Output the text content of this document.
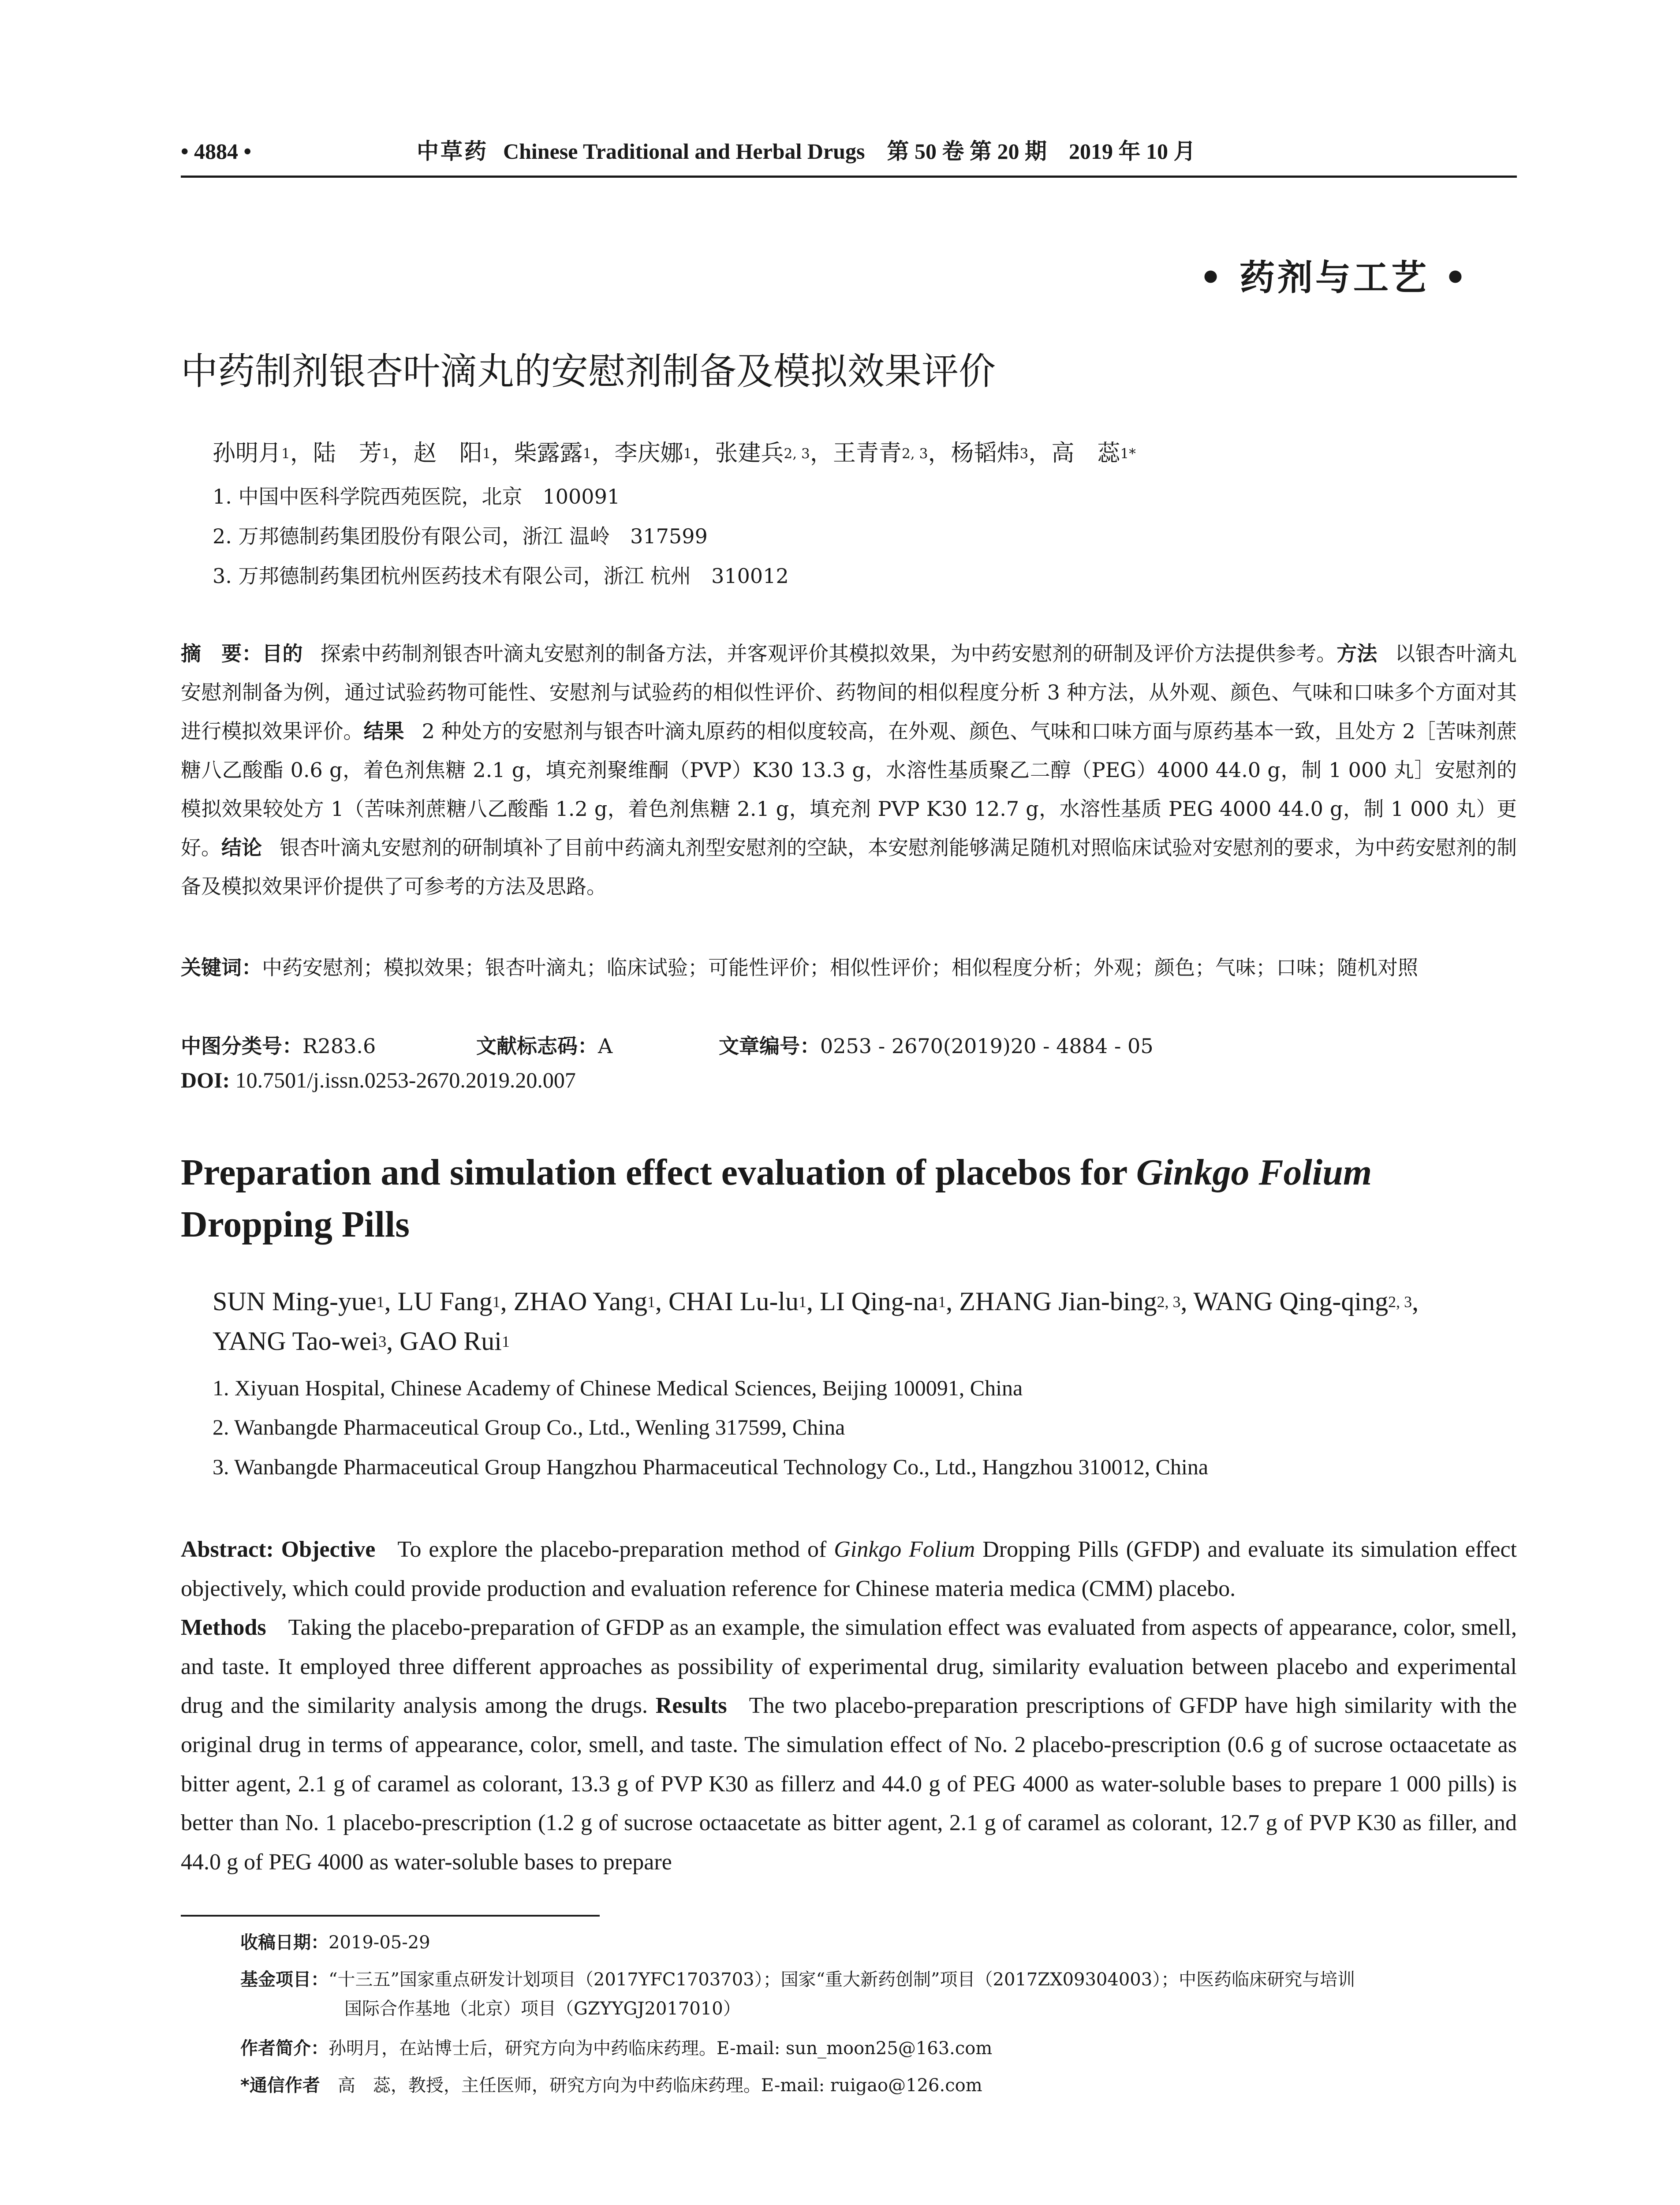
• 4884 •	中草药 Chinese Traditional and Herbal Drugs　第 50 卷 第 20 期　2019 年 10 月
• 药剂与工艺 •
中药制剂银杏叶滴丸的安慰剂制备及模拟效果评价
孙明月$^1$，陆　芳$^1$，赵　阳$^1$，柴露露$^1$，李庆娜$^1$，张建兵$^{2, 3}$，王青青$^{2, 3}$，杨韬炜$^3$，高　蕊$^{1*}$
1. 中国中医科学院西苑医院，北京　100091
2. 万邦德制药集团股份有限公司，浙江 温岭　317599
3. 万邦德制药集团杭州医药技术有限公司，浙江 杭州　310012
摘　要：目的 探索中药制剂银杏叶滴丸安慰剂的制备方法，并客观评价其模拟效果，为中药安慰剂的研制及评价方法提供参考。方法 以银杏叶滴丸安慰剂制备为例，通过试验药物可能性、安慰剂与试验药的相似性评价、药物间的相似程度分析 3 种方法，从外观、颜色、气味和口味多个方面对其进行模拟效果评价。结果 2 种处方的安慰剂与银杏叶滴丸原药的相似度较高，在外观、颜色、气味和口味方面与原药基本一致，且处方 2［苦味剂蔗糖八乙酸酯 0.6 g，着色剂焦糖 2.1 g，填充剂聚维酮（PVP）K30 13.3 g，水溶性基质聚乙二醇（PEG）4000 44.0 g，制 1 000 丸］安慰剂的模拟效果较处方 1（苦味剂蔗糖八乙酸酯 1.2 g，着色剂焦糖 2.1 g，填充剂 PVP K30 12.7 g，水溶性基质 PEG 4000 44.0 g，制 1 000 丸）更好。结论 银杏叶滴丸安慰剂的研制填补了目前中药滴丸剂型安慰剂的空缺，本安慰剂能够满足随机对照临床试验对安慰剂的要求，为中药安慰剂的制备及模拟效果评价提供了可参考的方法及思路。
关键词：中药安慰剂；模拟效果；银杏叶滴丸；临床试验；可能性评价；相似性评价；相似程度分析；外观；颜色；气味；口味；随机对照
中图分类号：R283.6	文献标志码：A	文章编号：0253 - 2670(2019)20 - 4884 - 05
DOI: 10.7501/j.issn.0253-2670.2019.20.007
Preparation and simulation effect evaluation of placebos for Ginkgo Folium
Dropping Pills
SUN Ming-yue$^1$, LU Fang$^1$, ZHAO Yang$^1$, CHAI $Lu-lu^1$, LI Qing-$na^1$, ZHANG Jian-bing$^{2, 3}$, WANG Qing-qing$^{2, 3}$, YANG Tao-wei$^3$, GAO Rui$^1$
1. Xiyuan Hospital, Chinese Academy of Chinese Medical Sciences, Beijing 100091, China
2. Wanbangde Pharmaceutical Group Co., Ltd., Wenling 317599, China
3. Wanbangde Pharmaceutical Group Hangzhou Pharmaceutical Technology Co., Ltd., Hangzhou 310012, China
Abstract: Objective To explore the placebo-preparation method of Ginkgo Folium Dropping Pills (GFDP) and evaluate its simulation effect objectively, which could provide production and evaluation reference for Chinese materia medica (CMM) placebo.
Methods Taking the placebo-preparation of GFDP as an example, the simulation effect was evaluated from aspects of appearance, color, smell, and taste. It employed three different approaches as possibility of experimental drug, similarity evaluation between placebo and experimental drug and the similarity analysis among the drugs. Results The two placebo-preparation prescriptions of GFDP have high similarity with the original drug in terms of appearance, color, smell, and taste. The simulation effect of No. 2 placebo-prescription (0.6 g of sucrose octaacetate as bitter agent, 2.1 g of caramel as colorant, 13.3 g of PVP K30 as fillerz and 44.0 g of PEG 4000 as water-soluble bases to prepare 1 000 pills) is better than No. 1 placebo-prescription (1.2 g of sucrose octaacetate as bitter agent, 2.1 g of caramel as colorant, 12.7 g of PVP K30 as filler, and 44.0 g of PEG 4000 as water-soluble bases to prepare
收稿日期：2019-05-29
基金项目：“十三五”国家重点研发计划项目（2017YFC1703703）；国家“重大新药创制”项目（2017ZX09304003）；中医药临床研究与培训
国际合作基地（北京）项目（GZYYGJ2017010）
作者简介：孙明月，在站博士后，研究方向为中药临床药理。E-mail: sun_moon25@163.com
*通信作者　 高　蕊，教授，主任医师，研究方向为中药临床药理。E-mail: ruigao@126.com
